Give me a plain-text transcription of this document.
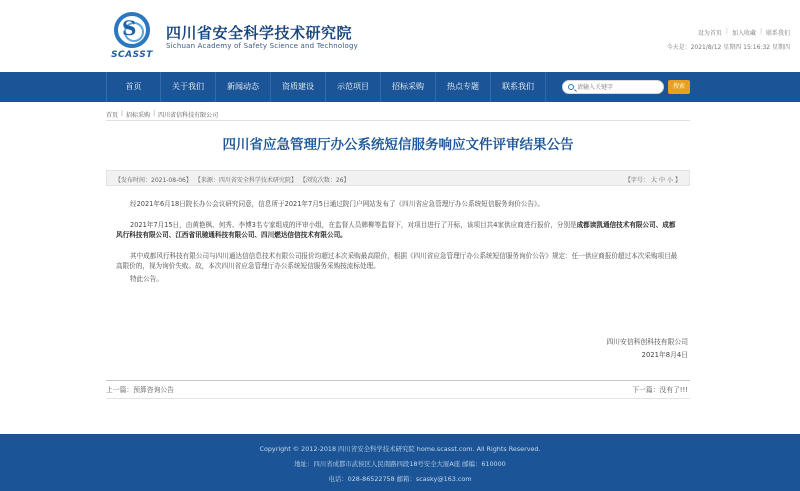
S
SCASST
四川省安全科学技术研究院
Sichuan Academy of Safety Science and Technology
设为首页 | 加入收藏 | 联系我们
今天是：2021/8/12 星期四 15:16:32 星期四
首页	关于我们	新闻动态	资质建设	示范项目	招标采购	热点专题	联系我们
请输入关键字	搜索
首页 | 招标采购 | 四川省信科技有限公司
四川省应急管理厅办公系统短信服务响应文件评审结果公告
【发布时间：2021-08-06】 【来源：四川省安全科学技术研究院】 【浏览次数：26】	【字号： 大 中 小 】

经2021年6月18日院长办公会议研究同意，信息所于2021年7月5日通过院门户网站发布了《四川省应急管理厅办公系统短信服务询价公告》。

2021年7月15日，由黄艳枫、何秀、李博3名专家组成的评审小组，在监督人员韩柳等监督下，对项目进行了开标，该项目共4家供应商进行报价，分别是成都读凯通信技术有限公司、成都风行科技有限公司、江西省讯驰通科技有限公司、四川燃达信信技术有限公司。

其中成都风行科技有限公司与四川通达信信息技术有限公司报价均超过本次采购最高限价，根据《四川省应急管理厅办公系统短信服务询价公告》规定：任一供应商报价超过本次采购项目最高限价的，视为询价失败。故，本次四川省应急管理厅办公系统短信服务采购按流标处理。

特此公告。

四川安信科创科技有限公司
2021年8月4日
上一篇：预算咨询公告	下一篇：没有了!!!
Copyright © 2012-2018 四川省安全科学技术研究院 home.scasst.com. All Rights Reserved.
地址：四川省成都市武侯区人民南路四段18号安全大厦A座 邮编：610000
电话：028-86522758 邮箱：scasky@163.com
